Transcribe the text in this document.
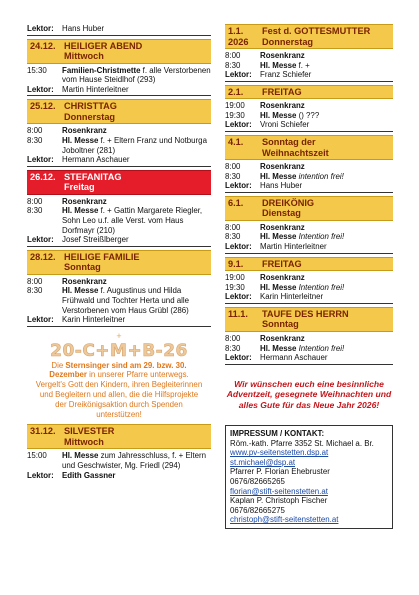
Lektor:	Hans Huber
24.12. HEILIGER ABEND
Mittwoch
15:30	Familien-Christmette f. alle Verstorbenen vom Hause Steidlhof (293)
Lektor:	Martin Hinterleitner
25.12. CHRISTTAG
Donnerstag
8:00	Rosenkranz
8:30	Hl. Messe f. + Eltern Franz und Notburga Joboltner (281)
Lektor:	Hermann Aschauer
26.12. STEFANITAG
Freitag
8:00	Rosenkranz
8:30	Hl. Messe f. + Gattin Margarete Riegler, Sohn Leo u.f. alle Verst. vom Haus Dorfmayr (210)
Lektor:	Josef Streißlberger
28.12. HEILIGE FAMILIE
Sonntag
8:00	Rosenkranz
8:30	Hl. Messe f. Augustinus und Hilda Frühwald und Tochter Herta und alle Verstorbenen vom Haus Grübl (286)
Lektor:	Karin Hinterleitner
+
20-C+M+B-26

Die Sternsinger sind am 29. bzw. 30. Dezember in unserer Pfarre unterwegs. Vergelt's Gott den Kindern, ihren Begleiterinnen und Begleitern und allen, die die Hilfsprojekte der Dreikönigsaktion durch Spenden unterstützen!

31.12. SILVESTER
Mittwoch
15:00	Hl. Messe zum Jahresschluss, f. + Eltern und Geschwister, Mg. Friedl (294)
Lektor:	Edith Gassner
1.1. Fest d. GOTTESMUTTER
2026 Donnerstag
8:00	Rosenkranz
8:30	Hl. Messe f. +
Lektor:	Franz Schiefer
2.1. FREITAG
19:00	Rosenkranz
19:30	Hl. Messe () ???
Lektor:	Vroni Schiefer
4.1. Sonntag der
Weihnachtszeit
8:00	Rosenkranz
8:30	Hl. Messe intention frei!
Lektor:	Hans Huber
6.1. DREIKÖNIG
Dienstag
8:00	Rosenkranz
8:30	Hl. Messe Intention frei!
Lektor:	Martin Hinterleitner
9.1. FREITAG
19:00	Rosenkranz
19:30	Hl. Messe Intention frei!
Lektor:	Karin Hinterleitner
11.1. TAUFE DES HERRN
Sonntag
8:00	Rosenkranz
8:30	Hl. Messe Intention frei!
Lektor:	Hermann Aschauer

Wir wünschen euch eine besinnliche Adventzeit, gesegnete Weihnachten und alles Gute für das Neue Jahr 2026!

IMPRESSUM / KONTAKT:
Röm.-kath. Pfarre 3352 St. Michael a. Br.
www.pv-seitenstetten.dsp.at
st.michael@dsp.at
Pfarrer P. Florian Ehebruster
0676/82665265
florian@stift-seitenstetten.at
Kaplan P. Christoph Fischer
0676/82665275
christoph@stift-seitenstetten.at
